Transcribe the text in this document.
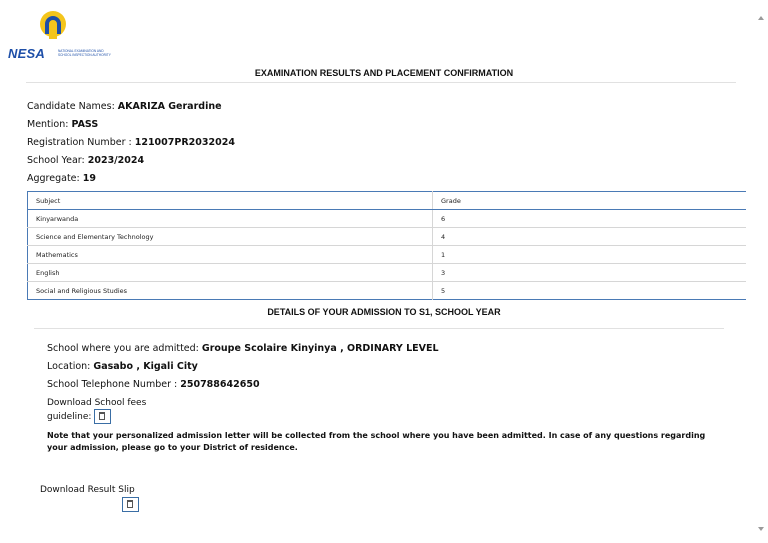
NESA	NATIONAL EXAMINATION AND SCHOOL INSPECTION AUTHORITY
EXAMINATION RESULTS AND PLACEMENT CONFIRMATION
Candidate Names: AKARIZA Gerardine
Mention: PASS
Registration Number : 121007PR2032024
School Year: 2023/2024
Aggregate: 19
Subject	Grade
Kinyarwanda	6
Science and Elementary Technology	4
Mathematics	1
English	3
Social and Religious Studies	5
DETAILS OF YOUR ADMISSION TO S1, SCHOOL YEAR
School where you are admitted: Groupe Scolaire Kinyinya , ORDINARY LEVEL
Location: Gasabo , Kigali City
School Telephone Number : 250788642650
Download School fees
guideline:
Note that your personalized admission letter will be collected from the school where you have been admitted. In case of any questions regarding your admission, please go to your District of residence.
Download Result Slip
